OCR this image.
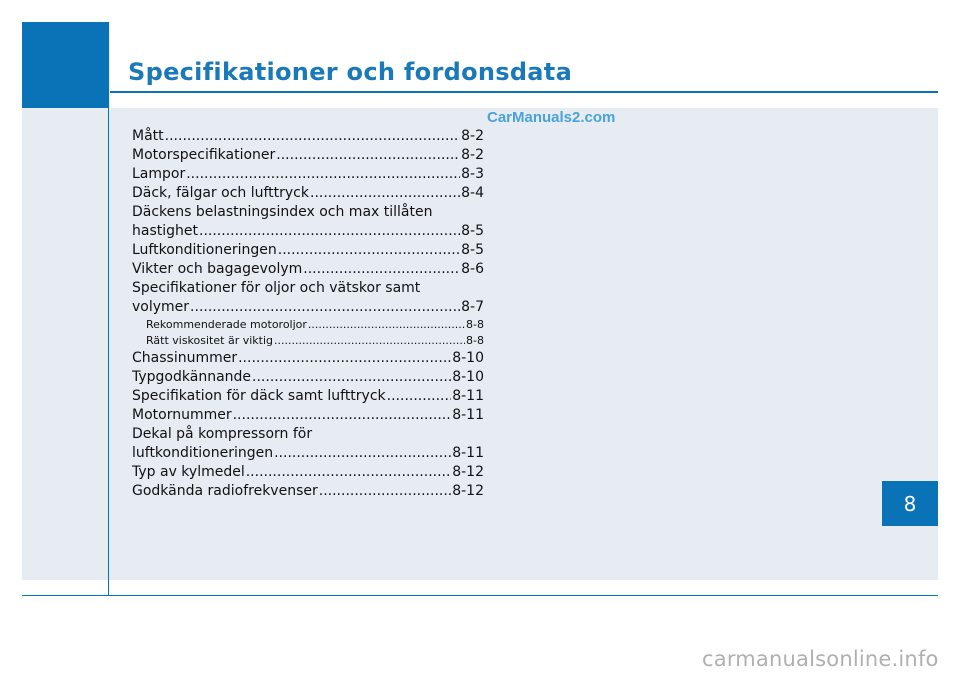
Specifikationer och fordonsdata
CarManuals2.com
Mått .....	8-2
Motorspecifikationer .....	8-2
Lampor .....	8-3
Däck, fälgar och lufttryck .....	8-4
Däckens belastningsindex och max tillåten
hastighet .....	8-5
Luftkonditioneringen .....	8-5
Vikter och bagagevolym .....	8-6
Specifikationer för oljor och vätskor samt
volymer .....	8-7
Rekommenderade motoroljor .....	8-8
Rätt viskositet är viktig .....	8-8
Chassinummer .....	8-10
Typgodkännande .....	8-10
Specifikation för däck samt lufttryck .....	8-11
Motornummer .....	8-11
Dekal på kompressorn för
luftkonditioneringen .....	8-11
Typ av kylmedel .....	8-12
Godkända radiofrekvenser .....	8-12
8
carmanualsonline.info
